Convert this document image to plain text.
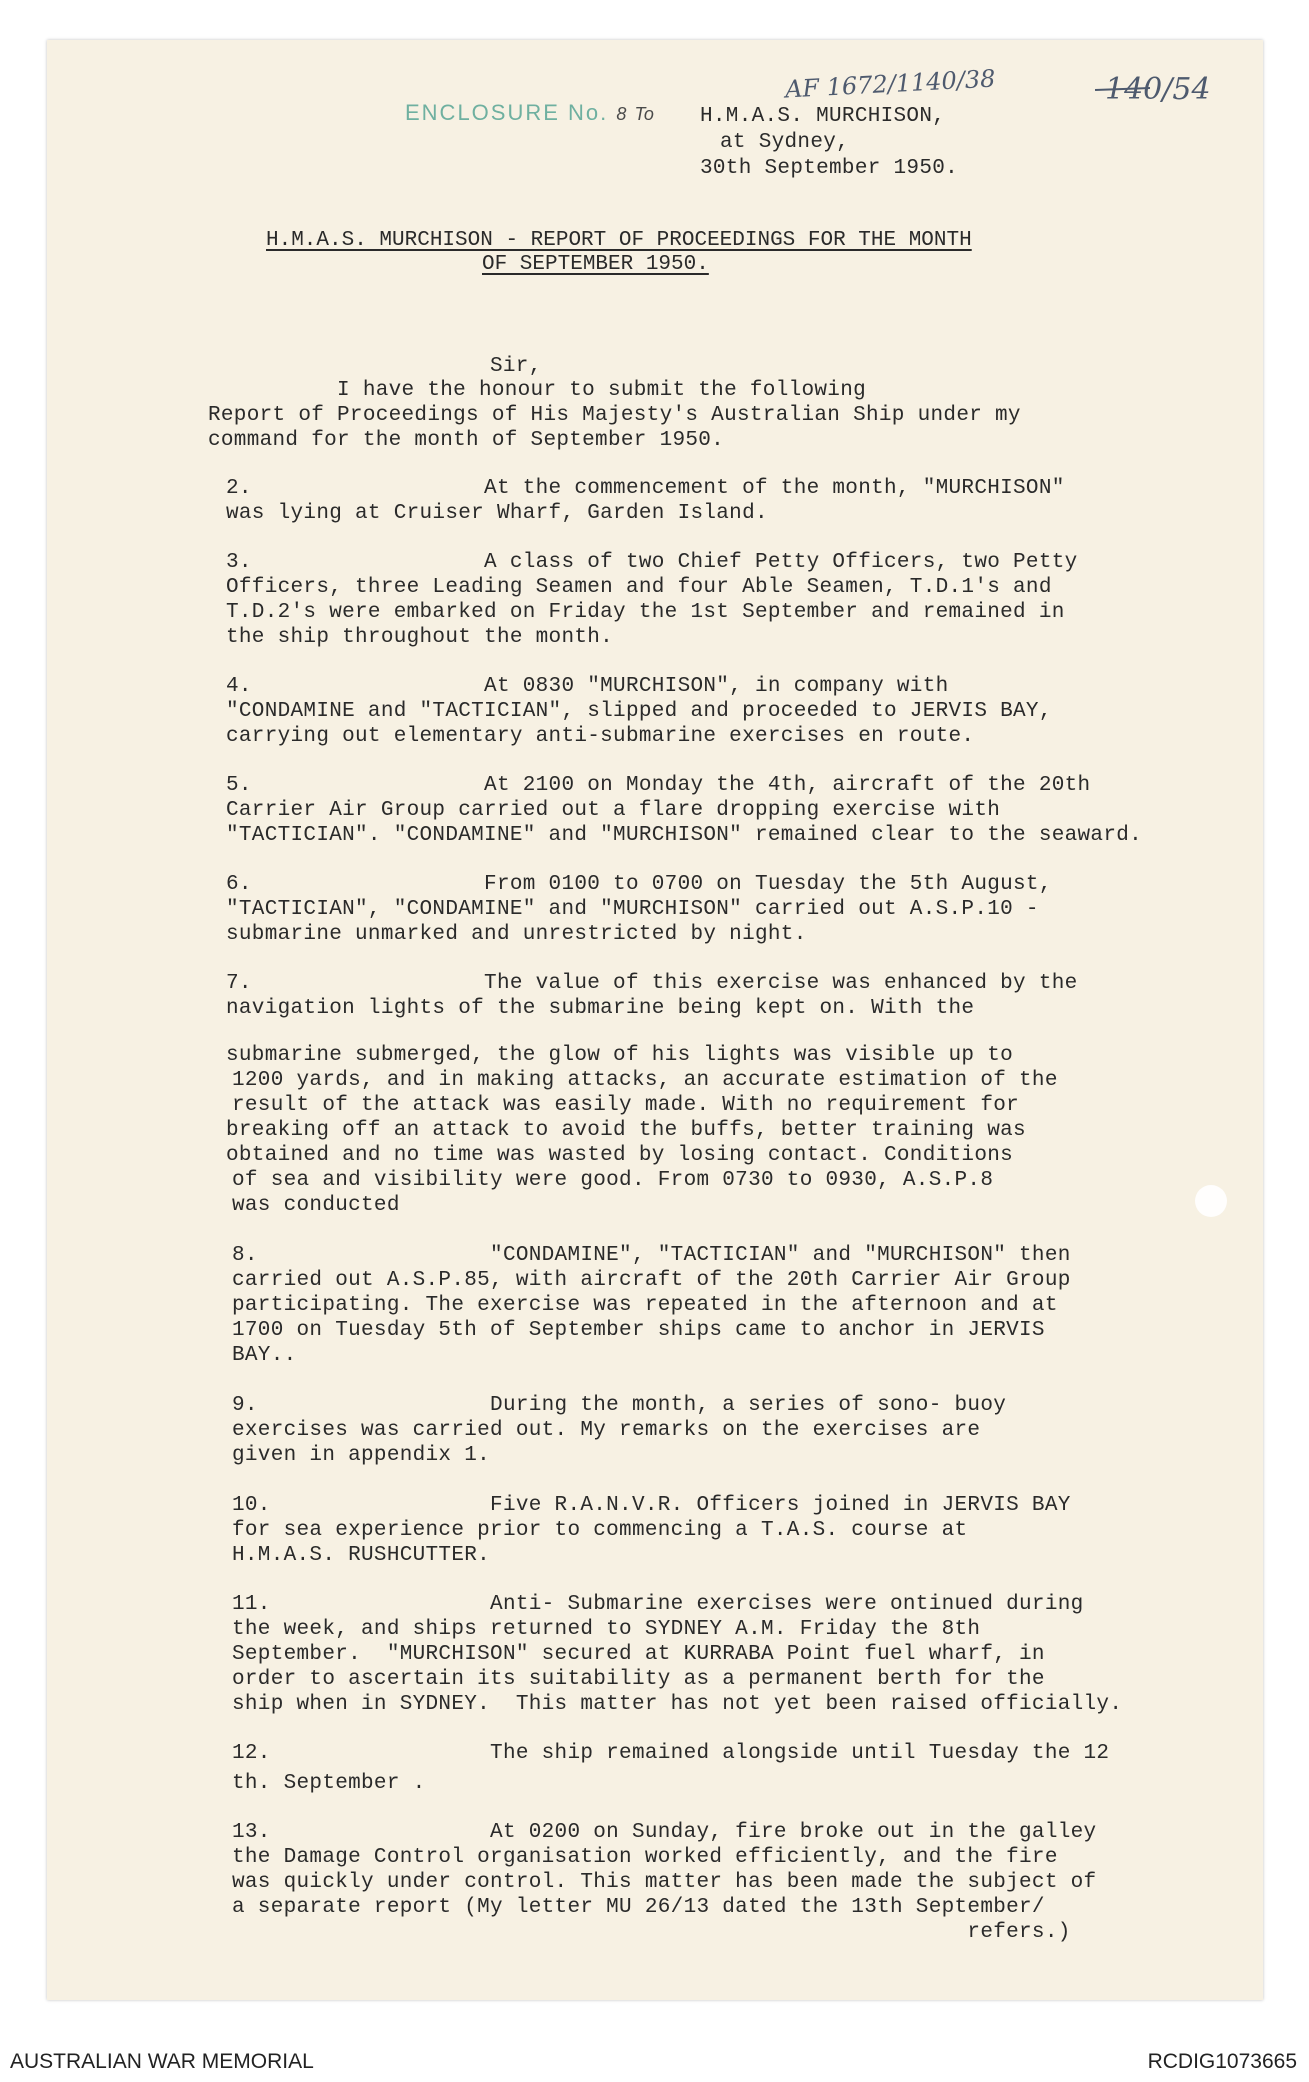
ENCLOSURE No. 8 To
AF 1672/1140/38	140/54
H.M.A.S. MURCHISON,
at Sydney,
30th September 1950.
H.M.A.S. MURCHISON - REPORT OF PROCEEDINGS FOR THE MONTH
OF SEPTEMBER 1950.
Sir,
I have the honour to submit the following
Report of Proceedings of His Majesty's Australian Ship under my
command for the month of September 1950.
2.                  At the commencement of the month, "MURCHISON"
was lying at Cruiser Wharf, Garden Island.
3.                  A class of two Chief Petty Officers, two Petty
Officers, three Leading Seamen and four Able Seamen, T.D.1's and
T.D.2's were embarked on Friday the 1st September and remained in
the ship throughout the month.
4.                  At 0830 "MURCHISON", in company with
"CONDAMINE and "TACTICIAN", slipped and proceeded to JERVIS BAY,
carrying out elementary anti-submarine exercises en route.
5.                  At 2100 on Monday the 4th, aircraft of the 20th
Carrier Air Group carried out a flare dropping exercise with
"TACTICIAN". "CONDAMINE" and "MURCHISON" remained clear to the seaward.
6.                  From 0100 to 0700 on Tuesday the 5th August,
"TACTICIAN", "CONDAMINE" and "MURCHISON" carried out A.S.P.10 -
submarine unmarked and unrestricted by night.
7.                  The value of this exercise was enhanced by the
navigation lights of the submarine being kept on. With the
submarine submerged, the glow of his lights was visible up to
1200 yards, and in making attacks, an accurate estimation of the
result of the attack was easily made. With no requirement for
breaking off an attack to avoid the buffs, better training was
obtained and no time was wasted by losing contact. Conditions
of sea and visibility were good. From 0730 to 0930, A.S.P.8
was conducted
8.                  "CONDAMINE", "TACTICIAN" and "MURCHISON" then
carried out A.S.P.85, with aircraft of the 20th Carrier Air Group
participating. The exercise was repeated in the afternoon and at
1700 on Tuesday 5th of September ships came to anchor in JERVIS
BAY..
9.                  During the month, a series of sono- buoy
exercises was carried out. My remarks on the exercises are
given in appendix 1.
10.                 Five R.A.N.V.R. Officers joined in JERVIS BAY
for sea experience prior to commencing a T.A.S. course at
H.M.A.S. RUSHCUTTER.
11.                 Anti- Submarine exercises were ontinued during
the week, and ships returned to SYDNEY A.M. Friday the 8th
September.  "MURCHISON" secured at KURRABA Point fuel wharf, in
order to ascertain its suitability as a permanent berth for the
ship when in SYDNEY.  This matter has not yet been raised officially.
12.                 The ship remained alongside until Tuesday the 12
th. September .
13.                 At 0200 on Sunday, fire broke out in the galley
the Damage Control organisation worked efficiently, and the fire
was quickly under control. This matter has been made the subject of
a separate report (My letter MU 26/13 dated the 13th September/
refers.)
AUSTRALIAN WAR MEMORIAL	RCDIG1073665
